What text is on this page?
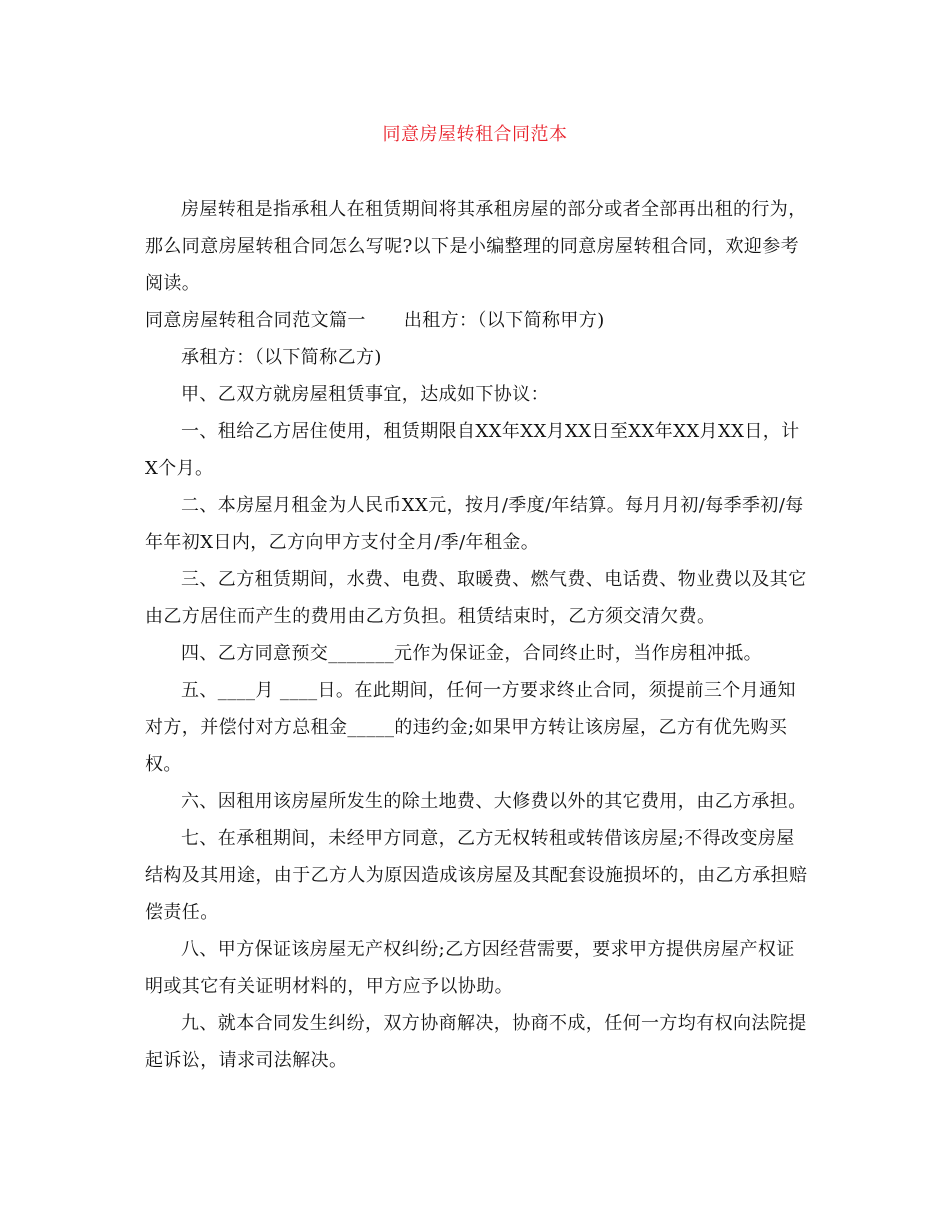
同意房屋转租合同范本

房屋转租是指承租人在租赁期间将其承租房屋的部分或者全部再出租的行为，那么同意房屋转租合同怎么写呢?以下是小编整理的同意房屋转租合同，欢迎参考阅读。

同意房屋转租合同范文篇一 出租方：（以下简称甲方)

承租方：（以下简称乙方)

甲、乙双方就房屋租赁事宜，达成如下协议：

一、租给乙方居住使用，租赁期限自XX年XX月XX日至XX年XX月XX日，计X个月。

二、本房屋月租金为人民币XX元，按月/季度/年结算。每月月初/每季季初/每年年初X日内，乙方向甲方支付全月/季/年租金。

三、乙方租赁期间，水费、电费、取暖费、燃气费、电话费、物业费以及其它由乙方居住而产生的费用由乙方负担。租赁结束时，乙方须交清欠费。

四、乙方同意预交_______元作为保证金，合同终止时，当作房租冲抵。

五、____月 ____日。在此期间，任何一方要求终止合同，须提前三个月通知对方，并偿付对方总租金_____的违约金;如果甲方转让该房屋，乙方有优先购买权。

六、因租用该房屋所发生的除土地费、大修费以外的其它费用，由乙方承担。

七、在承租期间，未经甲方同意，乙方无权转租或转借该房屋;不得改变房屋结构及其用途，由于乙方人为原因造成该房屋及其配套设施损坏的，由乙方承担赔偿责任。

八、甲方保证该房屋无产权纠纷;乙方因经营需要，要求甲方提供房屋产权证明或其它有关证明材料的，甲方应予以协助。

九、就本合同发生纠纷，双方协商解决，协商不成，任何一方均有权向法院提起诉讼，请求司法解决。
